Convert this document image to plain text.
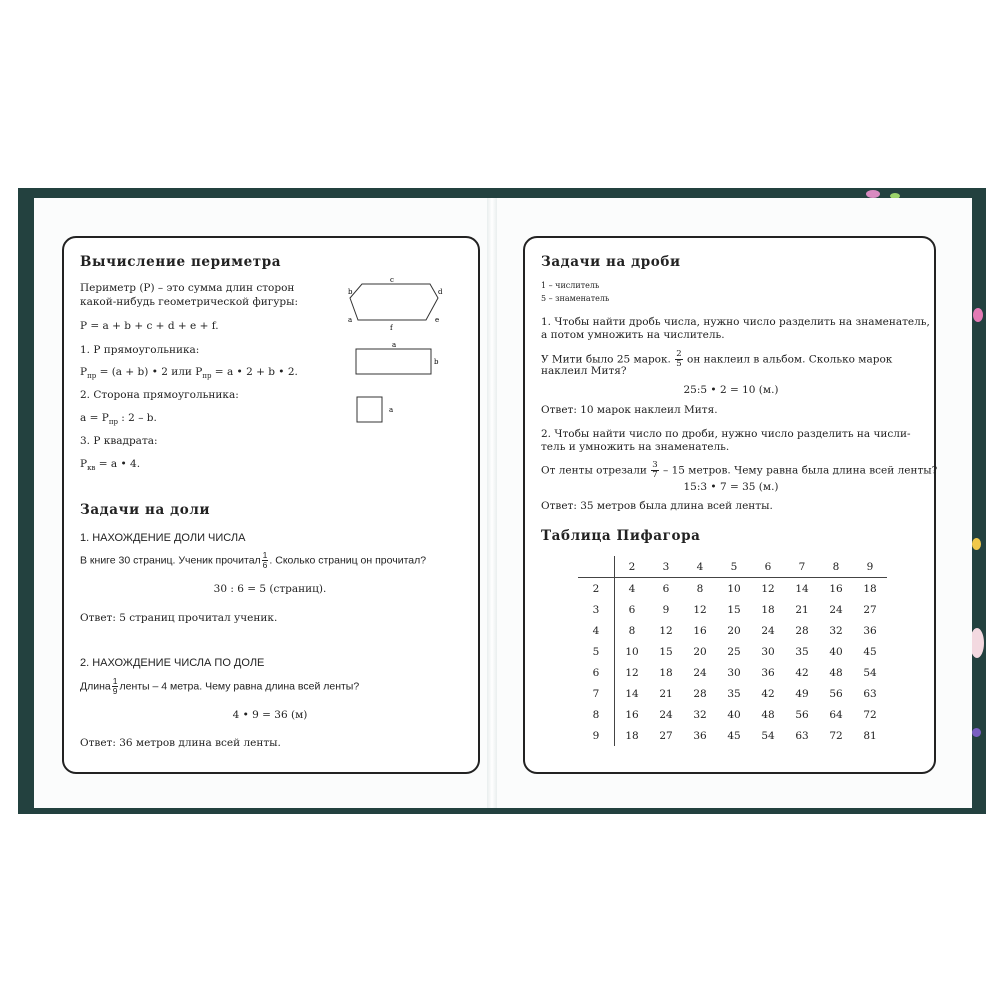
Вычисление периметра
Периметр (Р) – это сумма длин сторон
какой-нибудь геометрической фигуры:
Р = a + b + c + d + e + f.
1. Р прямоугольника:
$Р_{пр} = (a + b)$ • 2 или $Р_{пр} = a$ • 2 + b • 2.
2. Сторона прямоугольника:
$a = Р_{пр}$ : 2 – b.
3. Р квадрата:
$Р_{кв} = a$ • 4.
c
b	d
a	e
f
a
b
a
Задачи на доли
1. НАХОЖДЕНИЕ ДОЛИ ЧИСЛА
В книге 30 страниц. Ученик прочитал $\frac{1}{6}$ . Сколько страниц он прочитал?
30 : 6 = 5 (страниц).
Ответ: 5 страниц прочитал ученик.
2. НАХОЖДЕНИЕ ЧИСЛА ПО ДОЛЕ
Длина $\frac{1}{9}$ ленты – 4 метра. Чему равна длина всей ленты?
4 • 9 = 36 (м)
Ответ: 36 метров длина всей ленты.
Задачи на дроби
1 – числитель
5 – знаменатель
1. Чтобы найти дробь числа, нужно число разделить на знаменатель,
а потом умножить на числитель.
У Мити было 25 марок. $\frac{2}{5}$ он наклеил в альбом. Сколько марок
наклеил Митя?
25:5 • 2 = 10 (м.)
Ответ: 10 марок наклеил Митя.
2. Чтобы найти число по дроби, нужно число разделить на числи-
тель и умножить на знаменатель.
От ленты отрезали $\frac{3}{7} - 15$ метров. Чему равна была длина всей ленты?
15:3 • 7 = 35 (м.)
Ответ: 35 метров была длина всей ленты.
Таблица Пифагора
	2	3	4	5	6	7	8	9
2	4	6	8	10	12	14	16	18
3	6	9	12	15	18	21	24	27
4	8	12	16	20	24	28	32	36
5	10	15	20	25	30	35	40	45
6	12	18	24	30	36	42	48	54
7	14	21	28	35	42	49	56	63
8	16	24	32	40	48	56	64	72
9	18	27	36	45	54	63	72	81
